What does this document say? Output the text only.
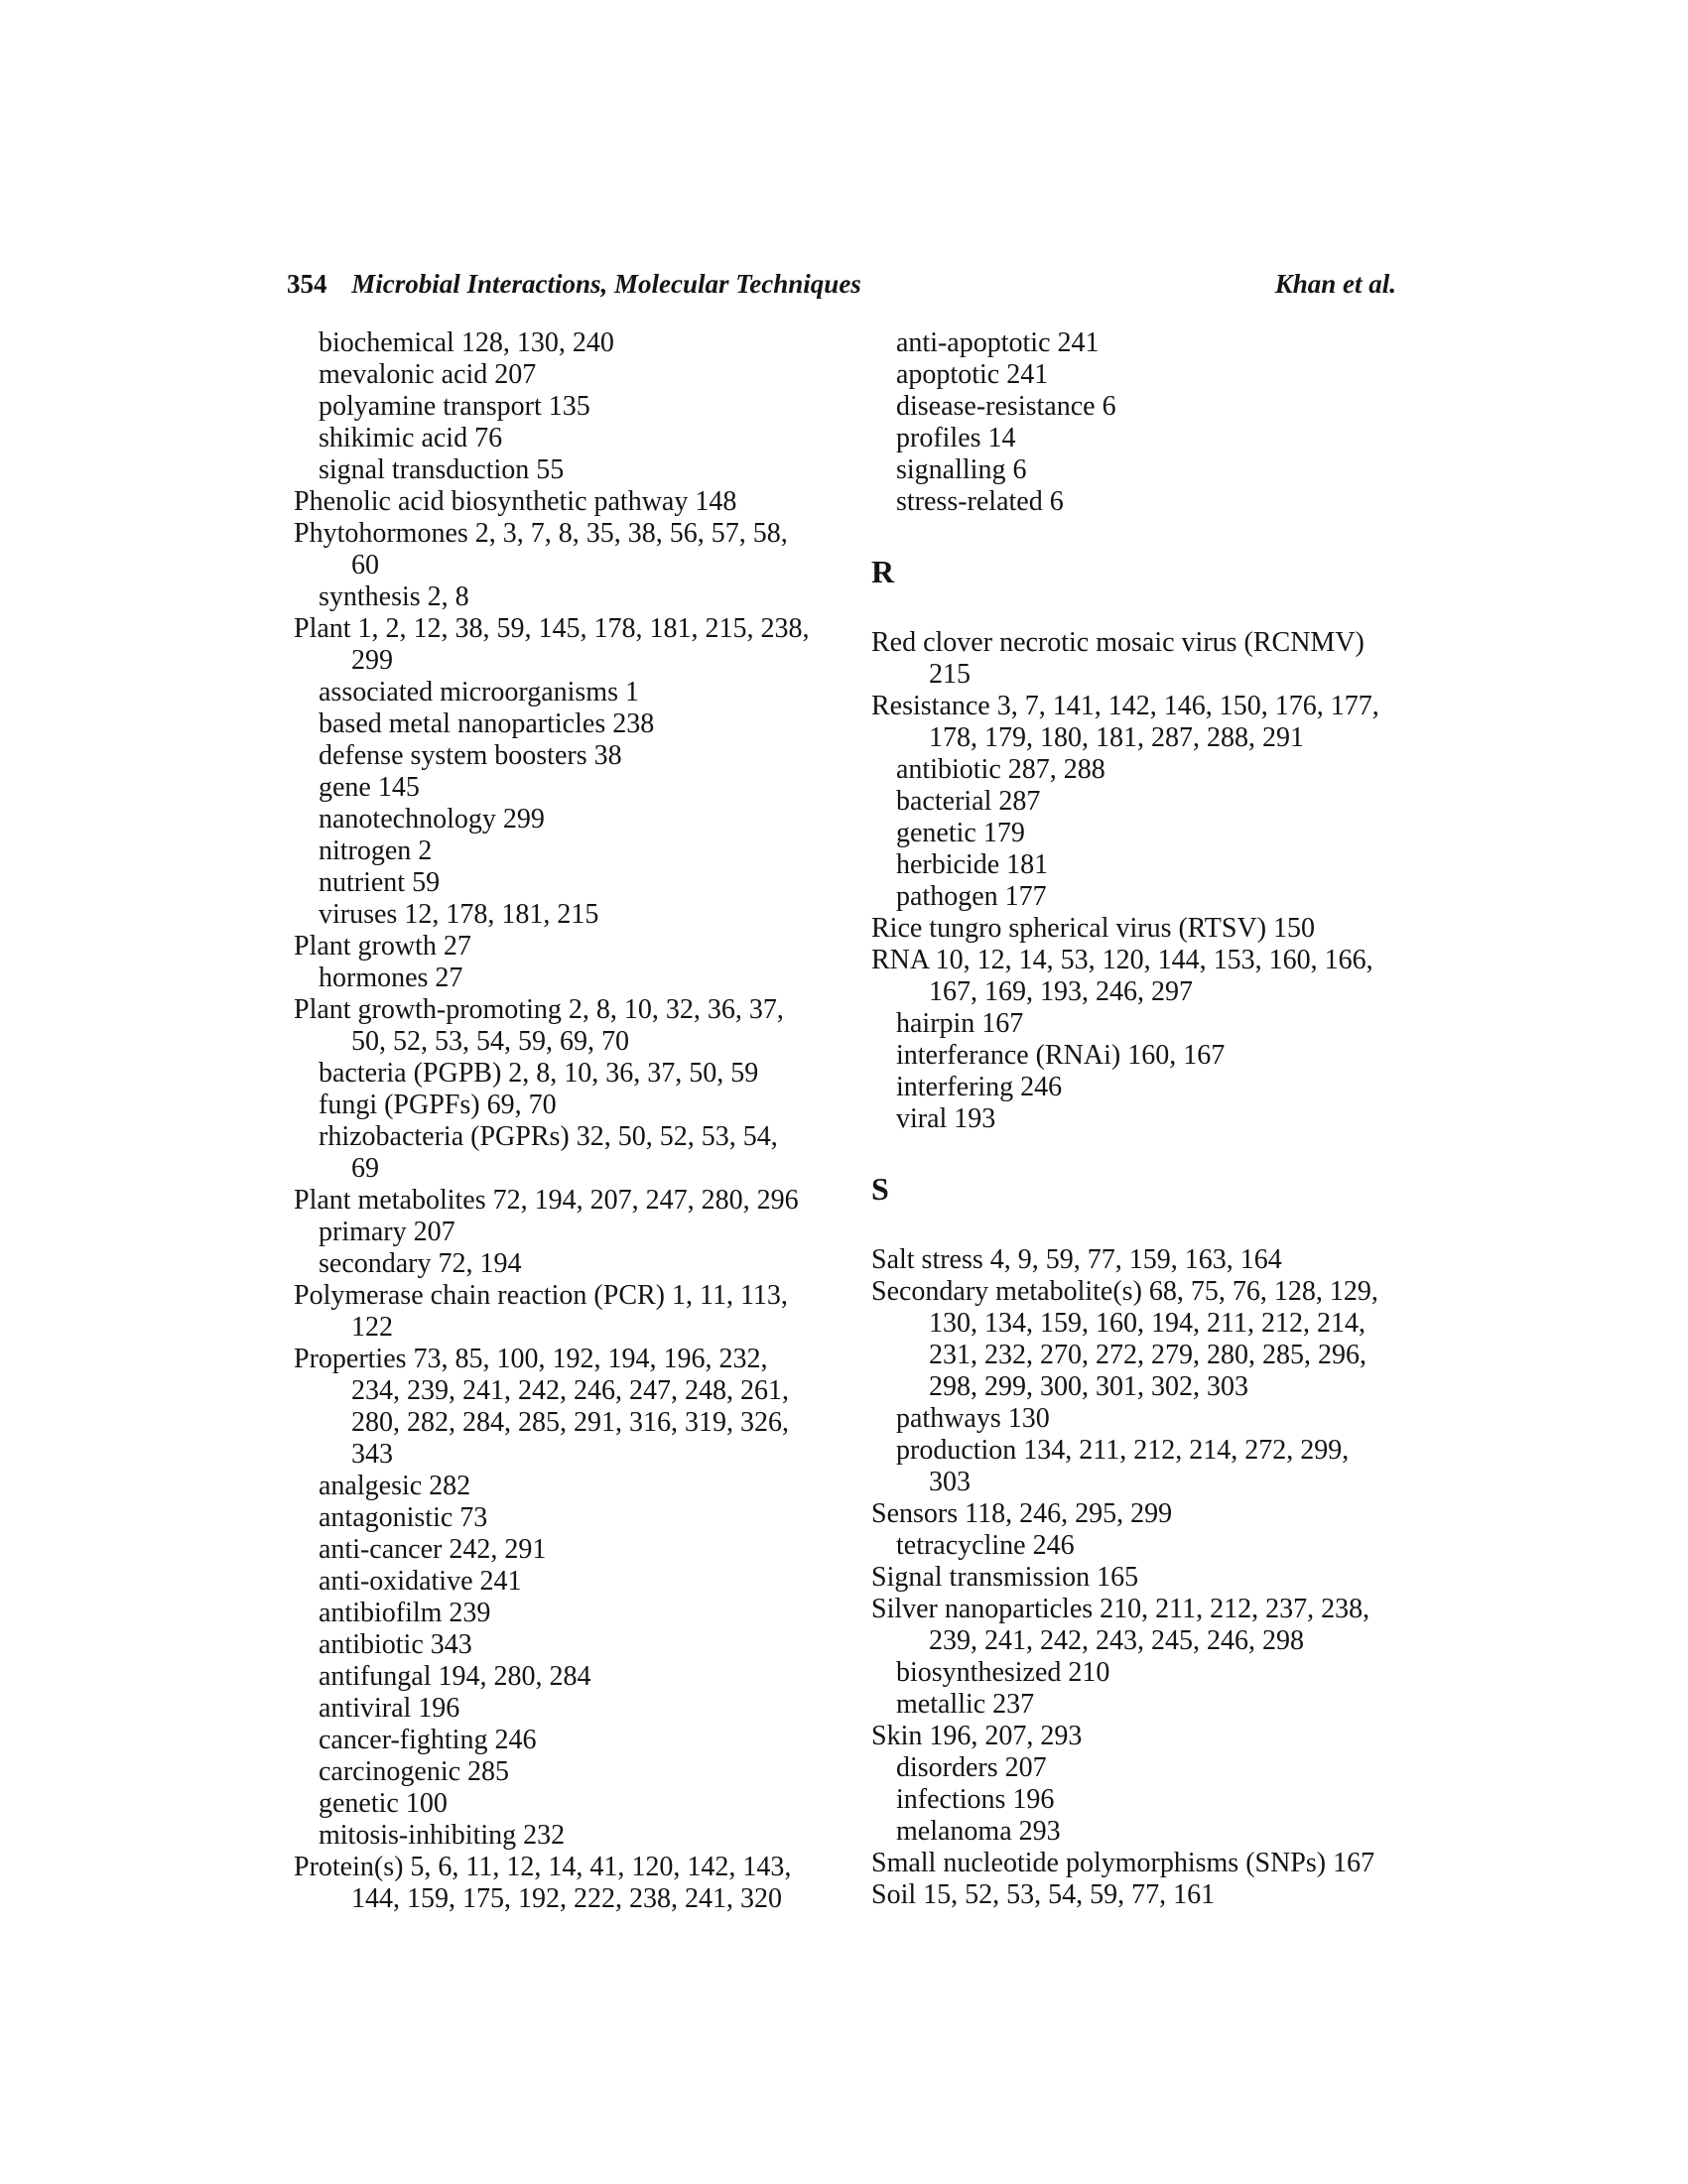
354 Microbial Interactions, Molecular Techniques	Khan et al.
biochemical 128, 130, 240
mevalonic acid 207
polyamine transport 135
shikimic acid 76
signal transduction 55
Phenolic acid biosynthetic pathway 148
Phytohormones 2, 3, 7, 8, 35, 38, 56, 57, 58,
60
synthesis 2, 8
Plant 1, 2, 12, 38, 59, 145, 178, 181, 215, 238,
299
associated microorganisms 1
based metal nanoparticles 238
defense system boosters 38
gene 145
nanotechnology 299
nitrogen 2
nutrient 59
viruses 12, 178, 181, 215
Plant growth 27
hormones 27
Plant growth-promoting 2, 8, 10, 32, 36, 37,
50, 52, 53, 54, 59, 69, 70
bacteria (PGPB) 2, 8, 10, 36, 37, 50, 59
fungi (PGPFs) 69, 70
rhizobacteria (PGPRs) 32, 50, 52, 53, 54,
69
Plant metabolites 72, 194, 207, 247, 280, 296
primary 207
secondary 72, 194
Polymerase chain reaction (PCR) 1, 11, 113,
122
Properties 73, 85, 100, 192, 194, 196, 232,
234, 239, 241, 242, 246, 247, 248, 261,
280, 282, 284, 285, 291, 316, 319, 326,
343
analgesic 282
antagonistic 73
anti-cancer 242, 291
anti-oxidative 241
antibiofilm 239
antibiotic 343
antifungal 194, 280, 284
antiviral 196
cancer-fighting 246
carcinogenic 285
genetic 100
mitosis-inhibiting 232
Protein(s) 5, 6, 11, 12, 14, 41, 120, 142, 143,
144, 159, 175, 192, 222, 238, 241, 320
anti-apoptotic 241
apoptotic 241
disease-resistance 6
profiles 14
signalling 6
stress-related 6
R
Red clover necrotic mosaic virus (RCNMV)
215
Resistance 3, 7, 141, 142, 146, 150, 176, 177,
178, 179, 180, 181, 287, 288, 291
antibiotic 287, 288
bacterial 287
genetic 179
herbicide 181
pathogen 177
Rice tungro spherical virus (RTSV) 150
RNA 10, 12, 14, 53, 120, 144, 153, 160, 166,
167, 169, 193, 246, 297
hairpin 167
interferance (RNAi) 160, 167
interfering 246
viral 193
S
Salt stress 4, 9, 59, 77, 159, 163, 164
Secondary metabolite(s) 68, 75, 76, 128, 129,
130, 134, 159, 160, 194, 211, 212, 214,
231, 232, 270, 272, 279, 280, 285, 296,
298, 299, 300, 301, 302, 303
pathways 130
production 134, 211, 212, 214, 272, 299,
303
Sensors 118, 246, 295, 299
tetracycline 246
Signal transmission 165
Silver nanoparticles 210, 211, 212, 237, 238,
239, 241, 242, 243, 245, 246, 298
biosynthesized 210
metallic 237
Skin 196, 207, 293
disorders 207
infections 196
melanoma 293
Small nucleotide polymorphisms (SNPs) 167
Soil 15, 52, 53, 54, 59, 77, 161
